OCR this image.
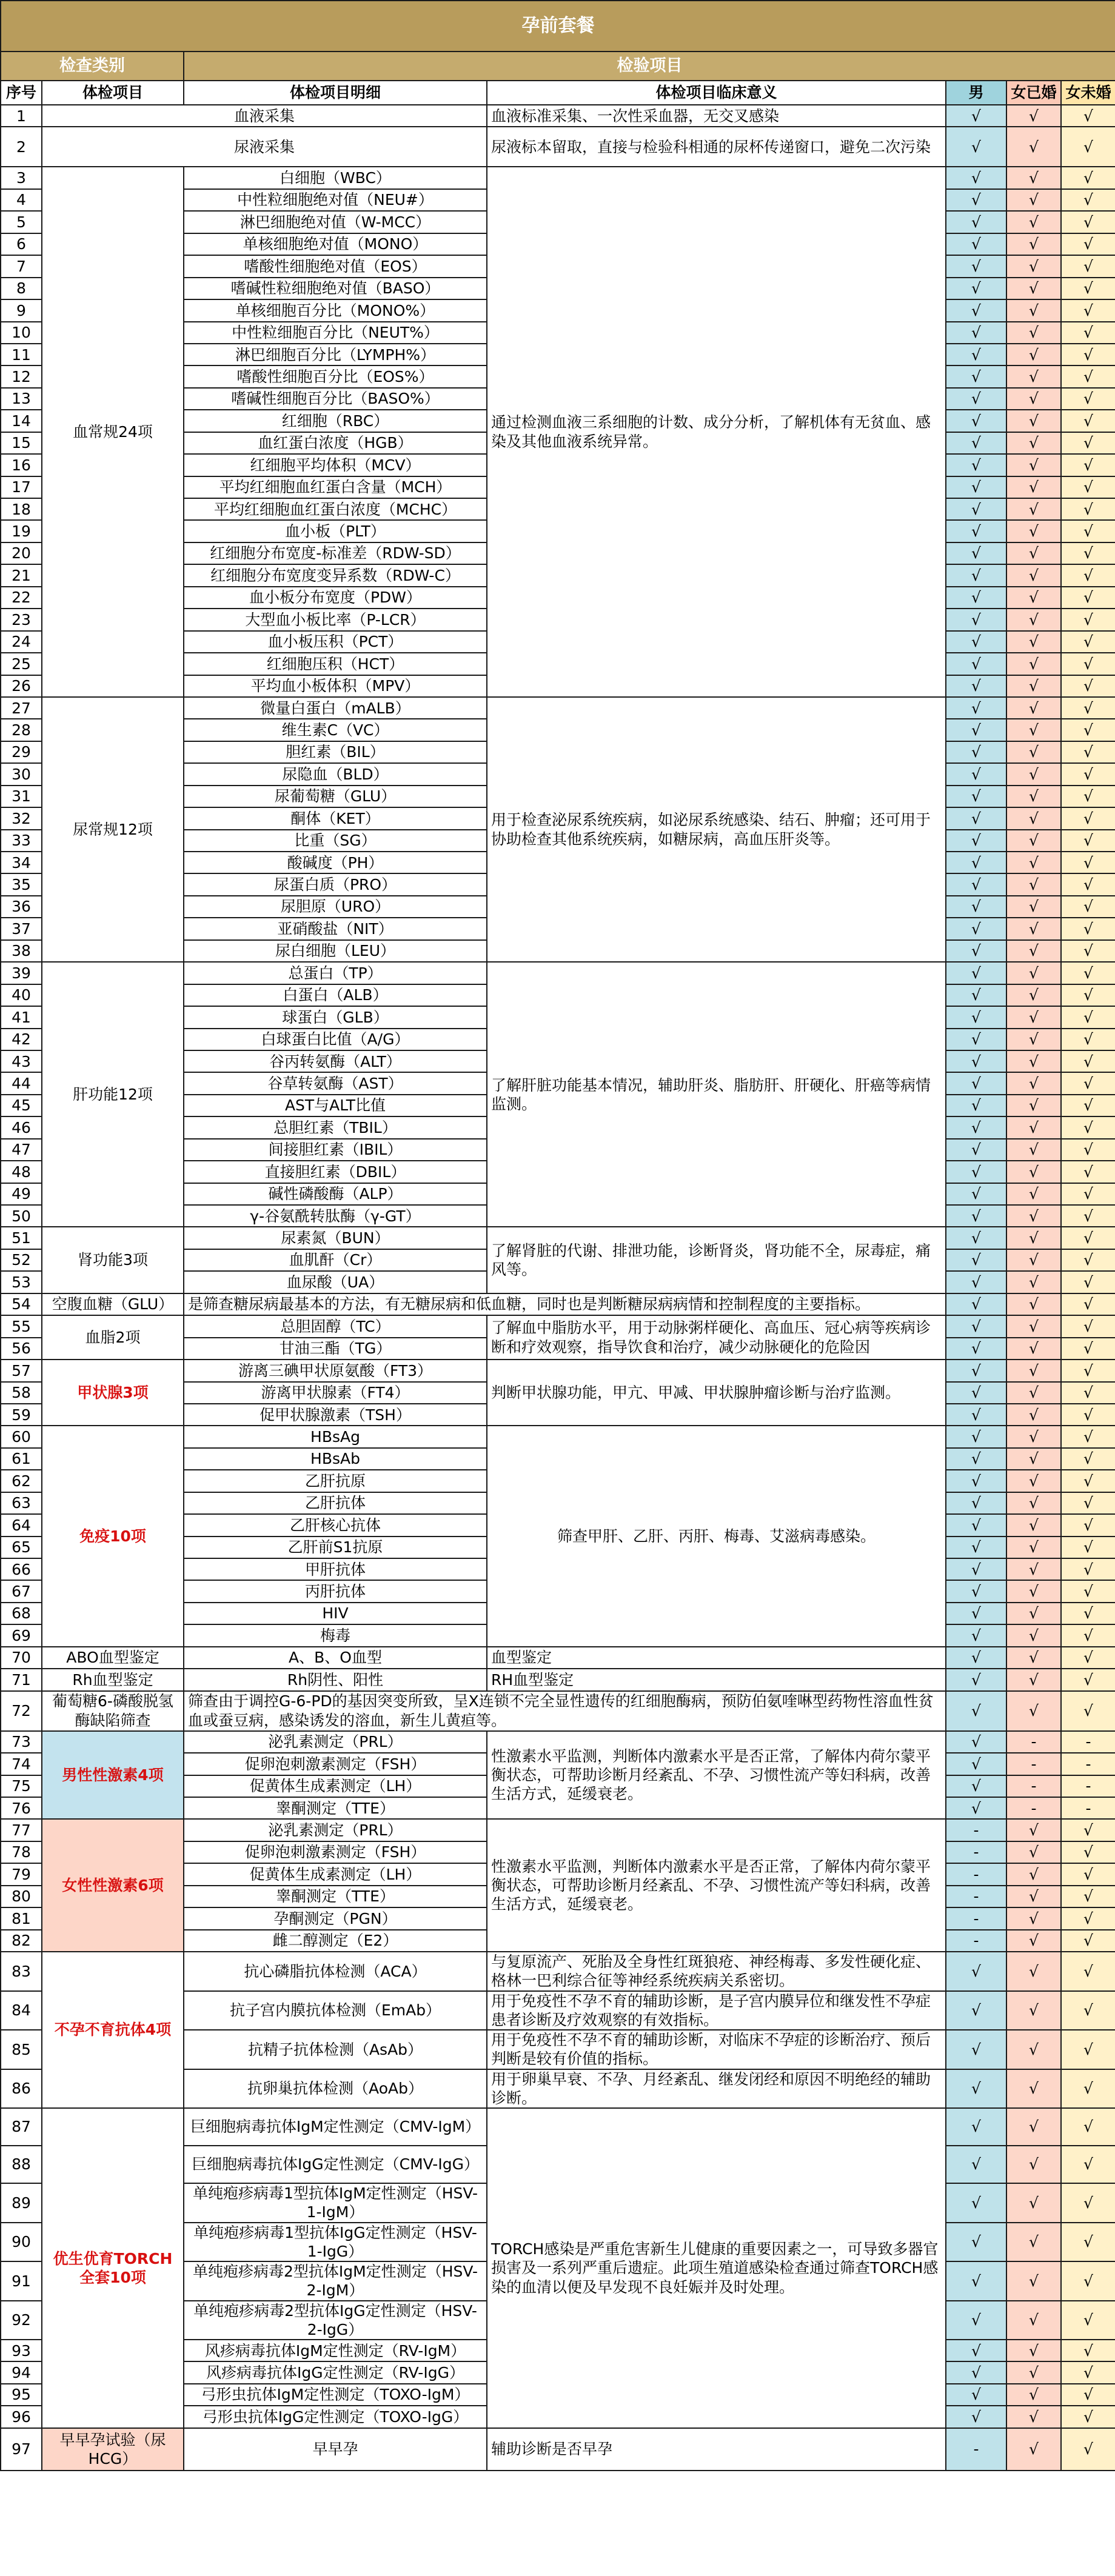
孕前套餐						
检查类别		检验项目				
序号	体检项目	体检项目明细	体检项目临床意义	男	女已婚	女未婚
1	血液采集		血液标准采集、一次性采血器，无交叉感染	√	√	√
2	尿液采集		尿液标本留取，直接与检验科相通的尿杯传递窗口，避免二次污染	√	√	√
3	血常规24项	白细胞（WBC）	通过检测血液三系细胞的计数、成分分析，了解机体有无贫血、感染及其他血液系统异常。	√	√	√
4		中性粒细胞绝对值（NEU#）		√	√	√
5		淋巴细胞绝对值（W-MCC）		√	√	√
6		单核细胞绝对值（MONO）		√	√	√
7		嗜酸性细胞绝对值（EOS）		√	√	√
8		嗜碱性粒细胞绝对值（BASO）		√	√	√
9		单核细胞百分比（MONO%）		√	√	√
10		中性粒细胞百分比（NEUT%）		√	√	√
11		淋巴细胞百分比（LYMPH%）		√	√	√
12		嗜酸性细胞百分比（EOS%）		√	√	√
13		嗜碱性细胞百分比（BASO%）		√	√	√
14		红细胞（RBC）		√	√	√
15		血红蛋白浓度（HGB）		√	√	√
16		红细胞平均体积（MCV）		√	√	√
17		平均红细胞血红蛋白含量（MCH）		√	√	√
18		平均红细胞血红蛋白浓度（MCHC）		√	√	√
19		血小板（PLT）		√	√	√
20		红细胞分布宽度-标准差（RDW-SD）		√	√	√
21		红细胞分布宽度变异系数（RDW-C）		√	√	√
22		血小板分布宽度（PDW）		√	√	√
23		大型血小板比率（P-LCR）		√	√	√
24		血小板压积（PCT）		√	√	√
25		红细胞压积（HCT）		√	√	√
26		平均血小板体积（MPV）		√	√	√
27	尿常规12项	微量白蛋白（mALB）	用于检查泌尿系统疾病，如泌尿系统感染、结石、肿瘤；还可用于协助检查其他系统疾病，如糖尿病，高血压肝炎等。	√	√	√
28		维生素C（VC）		√	√	√
29		胆红素（BIL）		√	√	√
30		尿隐血（BLD）		√	√	√
31		尿葡萄糖（GLU）		√	√	√
32		酮体（KET）		√	√	√
33		比重（SG）		√	√	√
34		酸碱度（PH）		√	√	√
35		尿蛋白质（PRO）		√	√	√
36		尿胆原（URO）		√	√	√
37		亚硝酸盐（NIT）		√	√	√
38		尿白细胞（LEU）		√	√	√
39	肝功能12项	总蛋白（TP）	了解肝脏功能基本情况，辅助肝炎、脂肪肝、肝硬化、肝癌等病情监测。	√	√	√
40		白蛋白（ALB）		√	√	√
41		球蛋白（GLB）		√	√	√
42		白球蛋白比值（A/G）		√	√	√
43		谷丙转氨酶（ALT）		√	√	√
44		谷草转氨酶（AST）		√	√	√
45		AST与ALT比值		√	√	√
46		总胆红素（TBIL）		√	√	√
47		间接胆红素（IBIL）		√	√	√
48		直接胆红素（DBIL）		√	√	√
49		碱性磷酸酶（ALP）		√	√	√
50		γ-谷氨酰转肽酶（γ-GT）		√	√	√
51	肾功能3项	尿素氮（BUN）	了解肾脏的代谢、排泄功能，诊断肾炎，肾功能不全，尿毒症，痛风等。	√	√	√
52		血肌酐（Cr）		√	√	√
53		血尿酸（UA）		√	√	√
54	空腹血糖（GLU）	是筛查糖尿病最基本的方法，有无糖尿病和低血糖，同时也是判断糖尿病病情和控制程度的主要指标。		√	√	√
55	血脂2项	总胆固醇（TC）	了解血中脂肪水平，用于动脉粥样硬化、高血压、冠心病等疾病诊断和疗效观察，指导饮食和治疗，减少动脉硬化的危险因	√	√	√
56		甘油三酯（TG）		√	√	√
57	甲状腺3项	游离三碘甲状原氨酸（FT3）	判断甲状腺功能，甲亢、甲减、甲状腺肿瘤诊断与治疗监测。	√	√	√
58		游离甲状腺素（FT4）		√	√	√
59		促甲状腺激素（TSH）		√	√	√
60	免疫10项	HBsAg	筛查甲肝、乙肝、丙肝、梅毒、艾滋病毒感染。	√	√	√
61		HBsAb		√	√	√
62		乙肝抗原		√	√	√
63		乙肝抗体		√	√	√
64		乙肝核心抗体		√	√	√
65		乙肝前S1抗原		√	√	√
66		甲肝抗体		√	√	√
67		丙肝抗体		√	√	√
68		HIV		√	√	√
69		梅毒		√	√	√
70	ABO血型鉴定	A、B、O血型	血型鉴定	√	√	√
71	Rh血型鉴定	Rh阴性、阳性	RH血型鉴定	√	√	√
72	葡萄糖6-磷酸脱氢酶缺陷筛查	筛查由于调控G-6-PD的基因突变所致，呈X连锁不完全显性遗传的红细胞酶病，预防伯氨喹啉型药物性溶血性贫血或蚕豆病，感染诱发的溶血，新生儿黄疸等。		√	√	√
73	男性性激素4项	泌乳素测定（PRL）	性激素水平监测，判断体内激素水平是否正常，了解体内荷尔蒙平衡状态，可帮助诊断月经紊乱、不孕、习惯性流产等妇科病，改善生活方式，延缓衰老。	√	-	-
74		促卵泡刺激素测定（FSH）		√	-	-
75		促黄体生成素测定（LH）		√	-	-
76		睾酮测定（TTE）		√	-	-
77	女性性激素6项	泌乳素测定（PRL）	性激素水平监测，判断体内激素水平是否正常，了解体内荷尔蒙平衡状态，可帮助诊断月经紊乱、不孕、习惯性流产等妇科病，改善生活方式，延缓衰老。	-	√	√
78		促卵泡刺激素测定（FSH）		-	√	√
79		促黄体生成素测定（LH）		-	√	√
80		睾酮测定（TTE）		-	√	√
81		孕酮测定（PGN）		-	√	√
82		雌二醇测定（E2）		-	√	√
83	不孕不育抗体4项	抗心磷脂抗体检测（ACA）	与复原流产、死胎及全身性红斑狼疮、神经梅毒、多发性硬化症、格林一巴利综合征等神经系统疾病关系密切。	√	√	√
84		抗子宫内膜抗体检测（EmAb）	用于免疫性不孕不育的辅助诊断，是子宫内膜异位和继发性不孕症患者诊断及疗效观察的有效指标。	√	√	√
85		抗精子抗体检测（AsAb）	用于免疫性不孕不育的辅助诊断，对临床不孕症的诊断治疗、预后判断是较有价值的指标。	√	√	√
86		抗卵巢抗体检测（AoAb）	用于卵巢早衰、不孕、月经紊乱、继发闭经和原因不明绝经的辅助诊断。	√	√	√
87	优生优育TORCH全套10项	巨细胞病毒抗体IgM定性测定（CMV-IgM）	TORCH感染是严重危害新生儿健康的重要因素之一，可导致多器官损害及一系列严重后遗症。此项生殖道感染检查通过筛查TORCH感染的血清以便及早发现不良妊娠并及时处理。	√	√	√
88		巨细胞病毒抗体IgG定性测定（CMV-IgG）		√	√	√
89		单纯疱疹病毒1型抗体IgM定性测定（HSV-1-IgM）		√	√	√
90		单纯疱疹病毒1型抗体IgG定性测定（HSV-1-IgG）		√	√	√
91		单纯疱疹病毒2型抗体IgM定性测定（HSV-2-IgM）		√	√	√
92		单纯疱疹病毒2型抗体IgG定性测定（HSV-2-IgG）		√	√	√
93		风疹病毒抗体IgM定性测定（RV-IgM）		√	√	√
94		风疹病毒抗体IgG定性测定（RV-IgG）		√	√	√
95		弓形虫抗体IgM定性测定（TOXO-IgM）		√	√	√
96		弓形虫抗体IgG定性测定（TOXO-IgG）		√	√	√
97	早早孕试验（尿HCG）	早早孕	辅助诊断是否早孕	-	√	√
